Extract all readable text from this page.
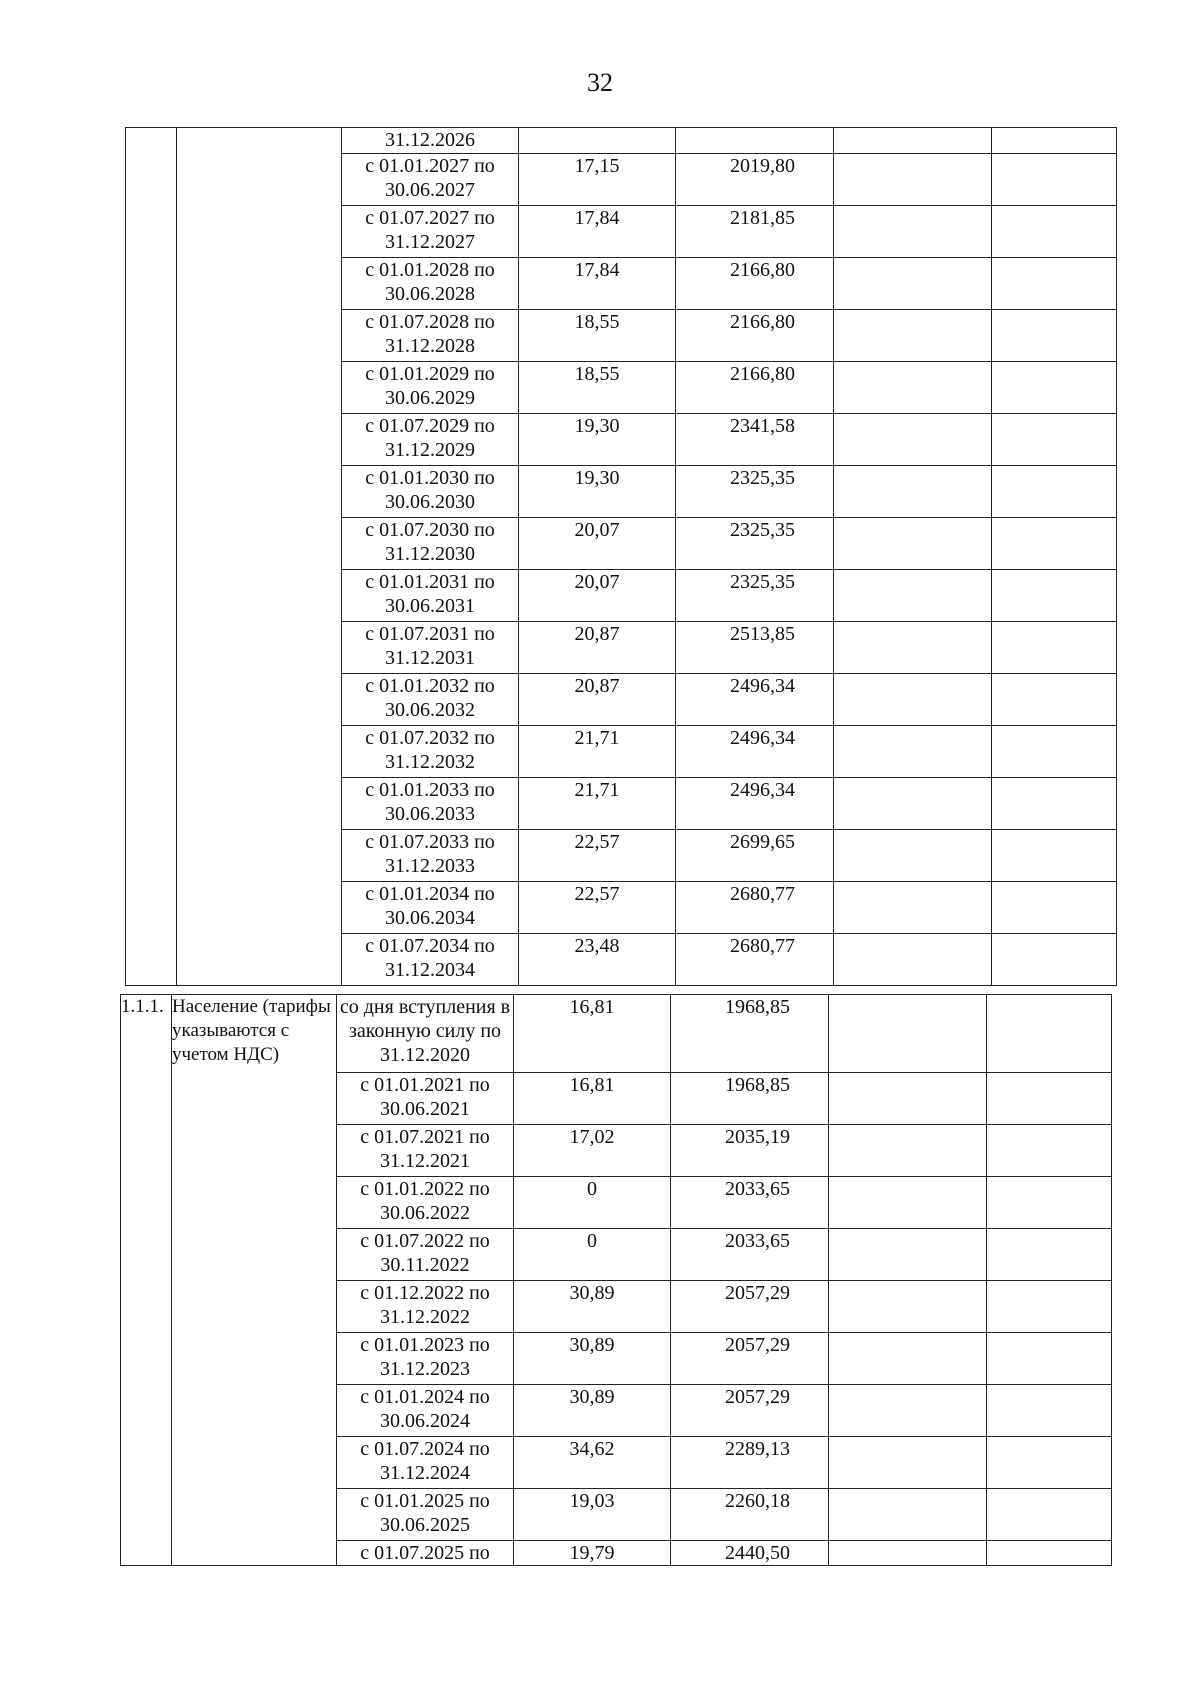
32
		31.12.2026				
		с 01.01.2027 по 30.06.2027	17,15	2019,80		
		с 01.07.2027 по 31.12.2027	17,84	2181,85		
		с 01.01.2028 по 30.06.2028	17,84	2166,80		
		с 01.07.2028 по 31.12.2028	18,55	2166,80		
		с 01.01.2029 по 30.06.2029	18,55	2166,80		
		с 01.07.2029 по 31.12.2029	19,30	2341,58		
		с 01.01.2030 по 30.06.2030	19,30	2325,35		
		с 01.07.2030 по 31.12.2030	20,07	2325,35		
		с 01.01.2031 по 30.06.2031	20,07	2325,35		
		с 01.07.2031 по 31.12.2031	20,87	2513,85		
		с 01.01.2032 по 30.06.2032	20,87	2496,34		
		с 01.07.2032 по 31.12.2032	21,71	2496,34		
		с 01.01.2033 по 30.06.2033	21,71	2496,34		
		с 01.07.2033 по 31.12.2033	22,57	2699,65		
		с 01.01.2034 по 30.06.2034	22,57	2680,77		
		с 01.07.2034 по 31.12.2034	23,48	2680,77		
1.1.1.	Население (тарифы указываются с учетом НДС)	со дня вступления в законную силу по 31.12.2020	16,81	1968,85		
		с 01.01.2021 по 30.06.2021	16,81	1968,85		
		с 01.07.2021 по 31.12.2021	17,02	2035,19		
		с 01.01.2022 по 30.06.2022	0	2033,65		
		с 01.07.2022 по 30.11.2022	0	2033,65		
		с 01.12.2022 по 31.12.2022	30,89	2057,29		
		с 01.01.2023 по 31.12.2023	30,89	2057,29		
		с 01.01.2024 по 30.06.2024	30,89	2057,29		
		с 01.07.2024 по 31.12.2024	34,62	2289,13		
		с 01.01.2025 по 30.06.2025	19,03	2260,18		
		с 01.07.2025 по	19,79	2440,50		
